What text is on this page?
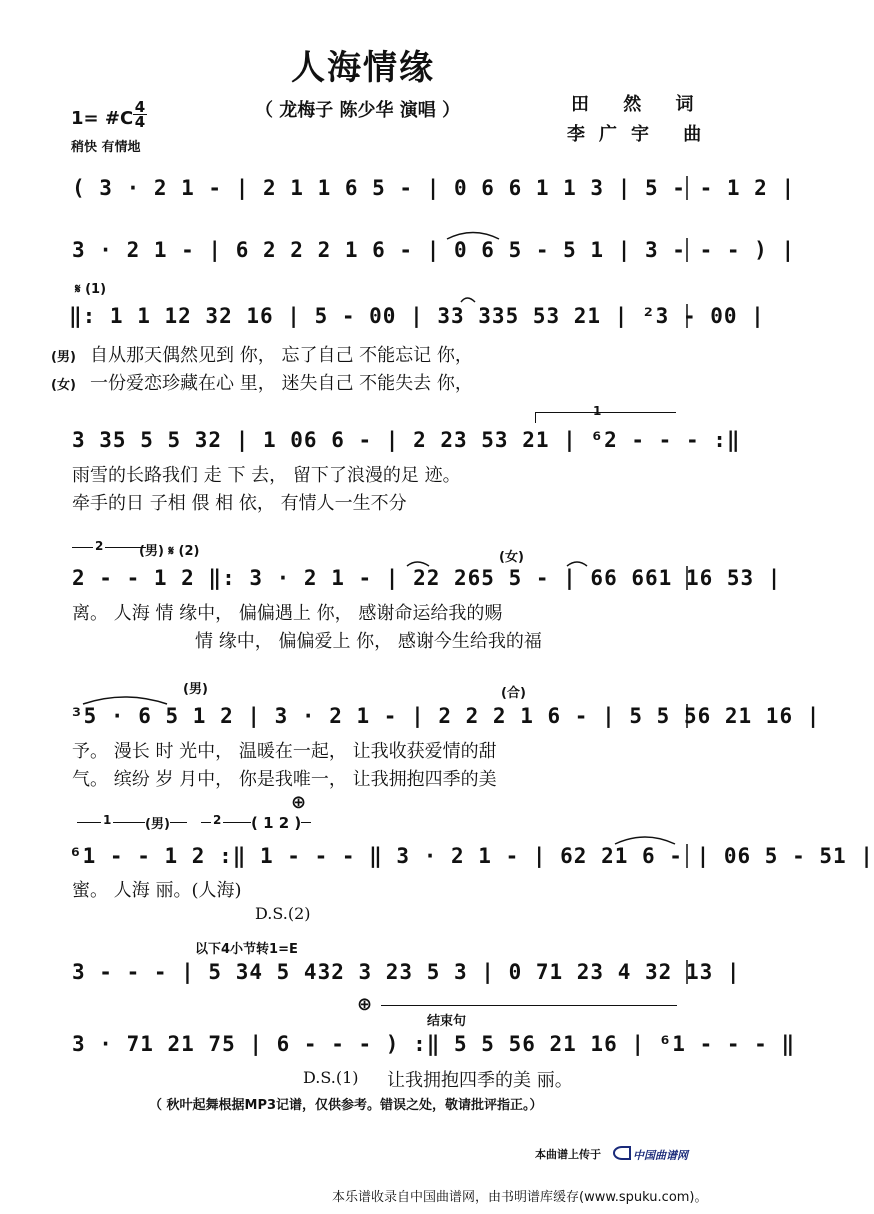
人海情缘
（ 龙梅子 陈少华 演唱 ）	田 然 词
李广宇 曲
1= #C
4
4
稍快 有情地
( 3 · 2 1 - | 2 1 1 6 5 - | 0 6 6 1 1 3 | 5 - - 1 2 |
3 · 2 1 - | 6 2 2 2 1 6 - | 0 6 5 - 5 1 | 3 - - - ) |
𝄋 (1)
‖: 1 1 12 32 16 | 5 - 00 | 33 335 53 21 | ²3 - 00 |
(男) 自从那天偶然见到 你， 忘了自己 不能忘记 你，
(女) 一份爱恋珍藏在心 里， 迷失自己 不能失去 你，
1
3 35 5 5 32 | 1 06 6 - | 2 23 53 21 | ⁶2 - - - :‖
雨雪的长路我们 走 下 去， 留下了浪漫的足 迹。
牵手的日 子相 偎 相 依， 有情人一生不分
2	(男) 𝄋 (2)	(女)
2 - - 1 2 ‖: 3 · 2 1 - | 22 265 5 - | 66 661 16 53 |
离。 人海 情 缘中， 偏偏遇上 你， 感谢命运给我的赐
情 缘中， 偏偏爱上 你， 感谢今生给我的福
(男)	(合)
³5 · 6 5 1 2 | 3 · 2 1 - | 2 2 2 1 6 - | 5 5 56 21 16 |
予。 漫长 时 光中， 温暖在一起， 让我收获爱情的甜
气。 缤纷 岁 月中， 你是我唯一， 让我拥抱四季的美
1	(男)	2 ( 1 2 )
⊕
⁶1 - - 1 2 :‖ 1 - - - ‖ 3 · 2 1 - | 62 21 6 - | 06 5 - 51 |
蜜。 人海 丽。(人海)
D.S.(2)
以下4小节转1=E
3 - - - | 5 34 5 432 3 23 5 3 | 0 71 23 4 32 13 |
⊕
结束句
3 · 71 21 75 | 6 - - - ) :‖ 5 5 56 21 16 | ⁶1 - - - ‖
D.S.(1) 让我拥抱四季的美 丽。
（ 秋叶起舞根据MP3记谱，仅供参考。错误之处，敬请批评指正。）
本曲谱上传于	中国曲谱网
本乐谱收录自中国曲谱网，由书明谱库缓存(www.spuku.com)。
